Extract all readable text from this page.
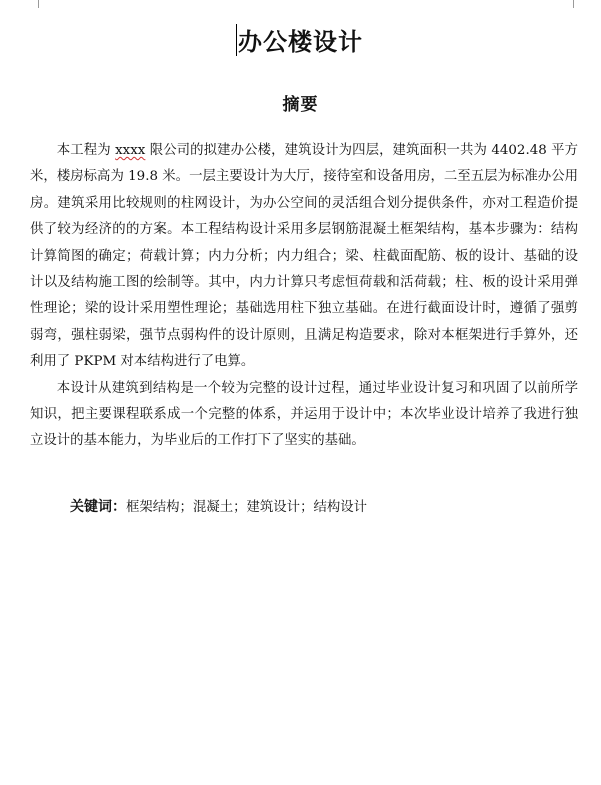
办公楼设计
摘要

本工程为 xxxx 限公司的拟建办公楼，建筑设计为四层，建筑面积一共为 4402.48 平方米，楼房标高为 19.8 米。一层主要设计为大厅，接待室和设备用房，二至五层为标准办公用房。建筑采用比较规则的柱网设计，为办公空间的灵活组合划分提供条件，亦对工程造价提供了较为经济的的方案。本工程结构设计采用多层钢筋混凝土框架结构，基本步骤为：结构计算简图的确定；荷载计算；内力分析；内力组合；梁、柱截面配筋、板的设计、基础的设计以及结构施工图的绘制等。其中，内力计算只考虑恒荷载和活荷载；柱、板的设计采用弹性理论；梁的设计采用塑性理论；基础选用柱下独立基础。在进行截面设计时，遵循了强剪弱弯，强柱弱梁，强节点弱构件的设计原则，且满足构造要求，除对本框架进行手算外，还利用了 PKPM 对本结构进行了电算。

本设计从建筑到结构是一个较为完整的设计过程，通过毕业设计复习和巩固了以前所学知识，把主要课程联系成一个完整的体系，并运用于设计中；本次毕业设计培养了我进行独立设计的基本能力，为毕业后的工作打下了坚实的基础。

关键词：框架结构；混凝土；建筑设计；结构设计
